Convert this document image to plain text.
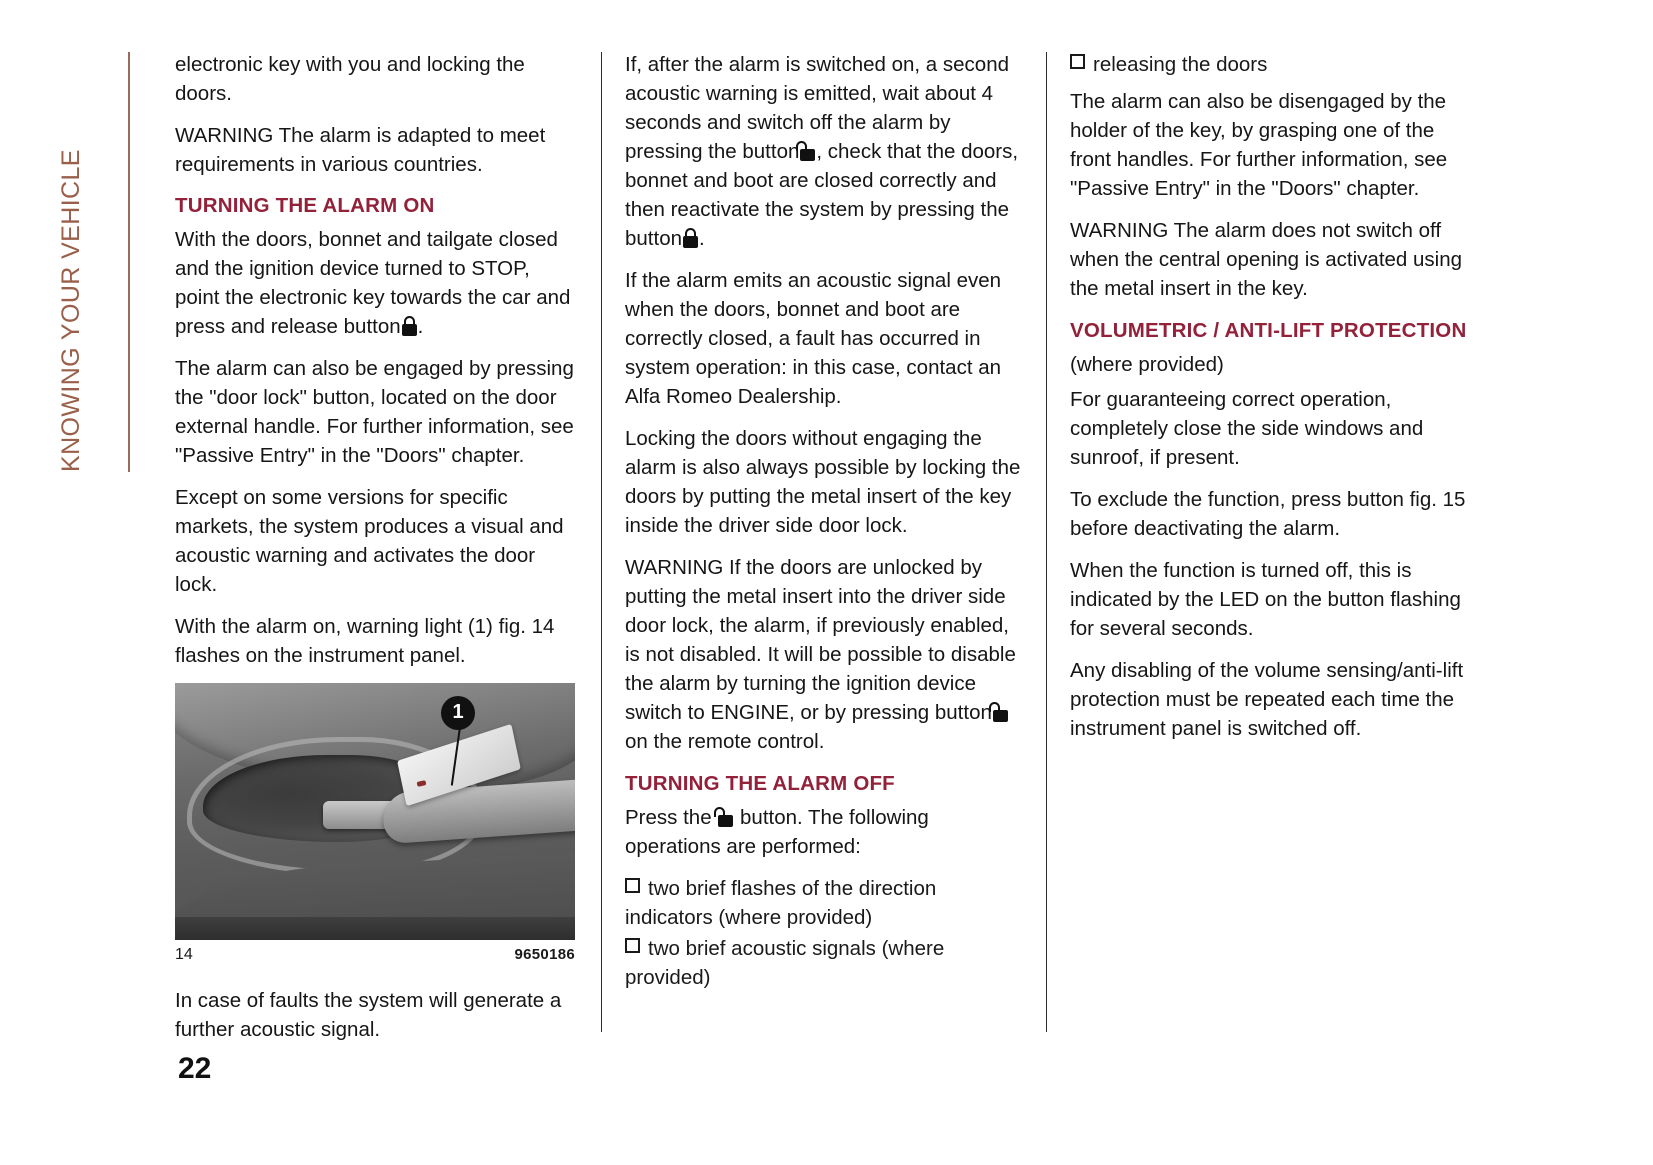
KNOWING YOUR VEHICLE

electronic key with you and locking the doors.

WARNING The alarm is adapted to meet requirements in various countries.

TURNING THE ALARM ON

With the doors, bonnet and tailgate closed and the ignition device turned to STOP, point the electronic key towards the car and press and release button .

The alarm can also be engaged by pressing the "door lock" button, located on the door external handle. For further information, see "Passive Entry" in the "Doors" chapter.

Except on some versions for specific markets, the system produces a visual and acoustic warning and activates the door lock.

With the alarm on, warning light (1) fig. 14 flashes on the instrument panel.

1
14	9650186

In case of faults the system will generate a further acoustic signal.

If, after the alarm is switched on, a second acoustic warning is emitted, wait about 4 seconds and switch off the alarm by pressing the button , check that the doors, bonnet and boot are closed correctly and then reactivate the system by pressing the button .

If the alarm emits an acoustic signal even when the doors, bonnet and boot are correctly closed, a fault has occurred in system operation: in this case, contact an Alfa Romeo Dealership.

Locking the doors without engaging the alarm is also always possible by locking the doors by putting the metal insert of the key inside the driver side door lock.

WARNING If the doors are unlocked by putting the metal insert into the driver side door lock, the alarm, if previously enabled, is not disabled. It will be possible to disable the alarm by turning the ignition device switch to ENGINE, or by pressing button
on the remote control.

TURNING THE ALARM OFF

Press the button. The following operations are performed:

two brief flashes of the direction indicators (where provided)
two brief acoustic signals (where provided)
releasing the doors

The alarm can also be disengaged by the holder of the key, by grasping one of the front handles. For further information, see "Passive Entry" in the "Doors" chapter.

WARNING The alarm does not switch off when the central opening is activated using the metal insert in the key.

VOLUMETRIC / ANTI-LIFT PROTECTION

(where provided)

For guaranteeing correct operation, completely close the side windows and sunroof, if present.

To exclude the function, press button fig. 15 before deactivating the alarm.

When the function is turned off, this is indicated by the LED on the button flashing for several seconds.

Any disabling of the volume sensing/anti-lift protection must be repeated each time the instrument panel is switched off.

22
